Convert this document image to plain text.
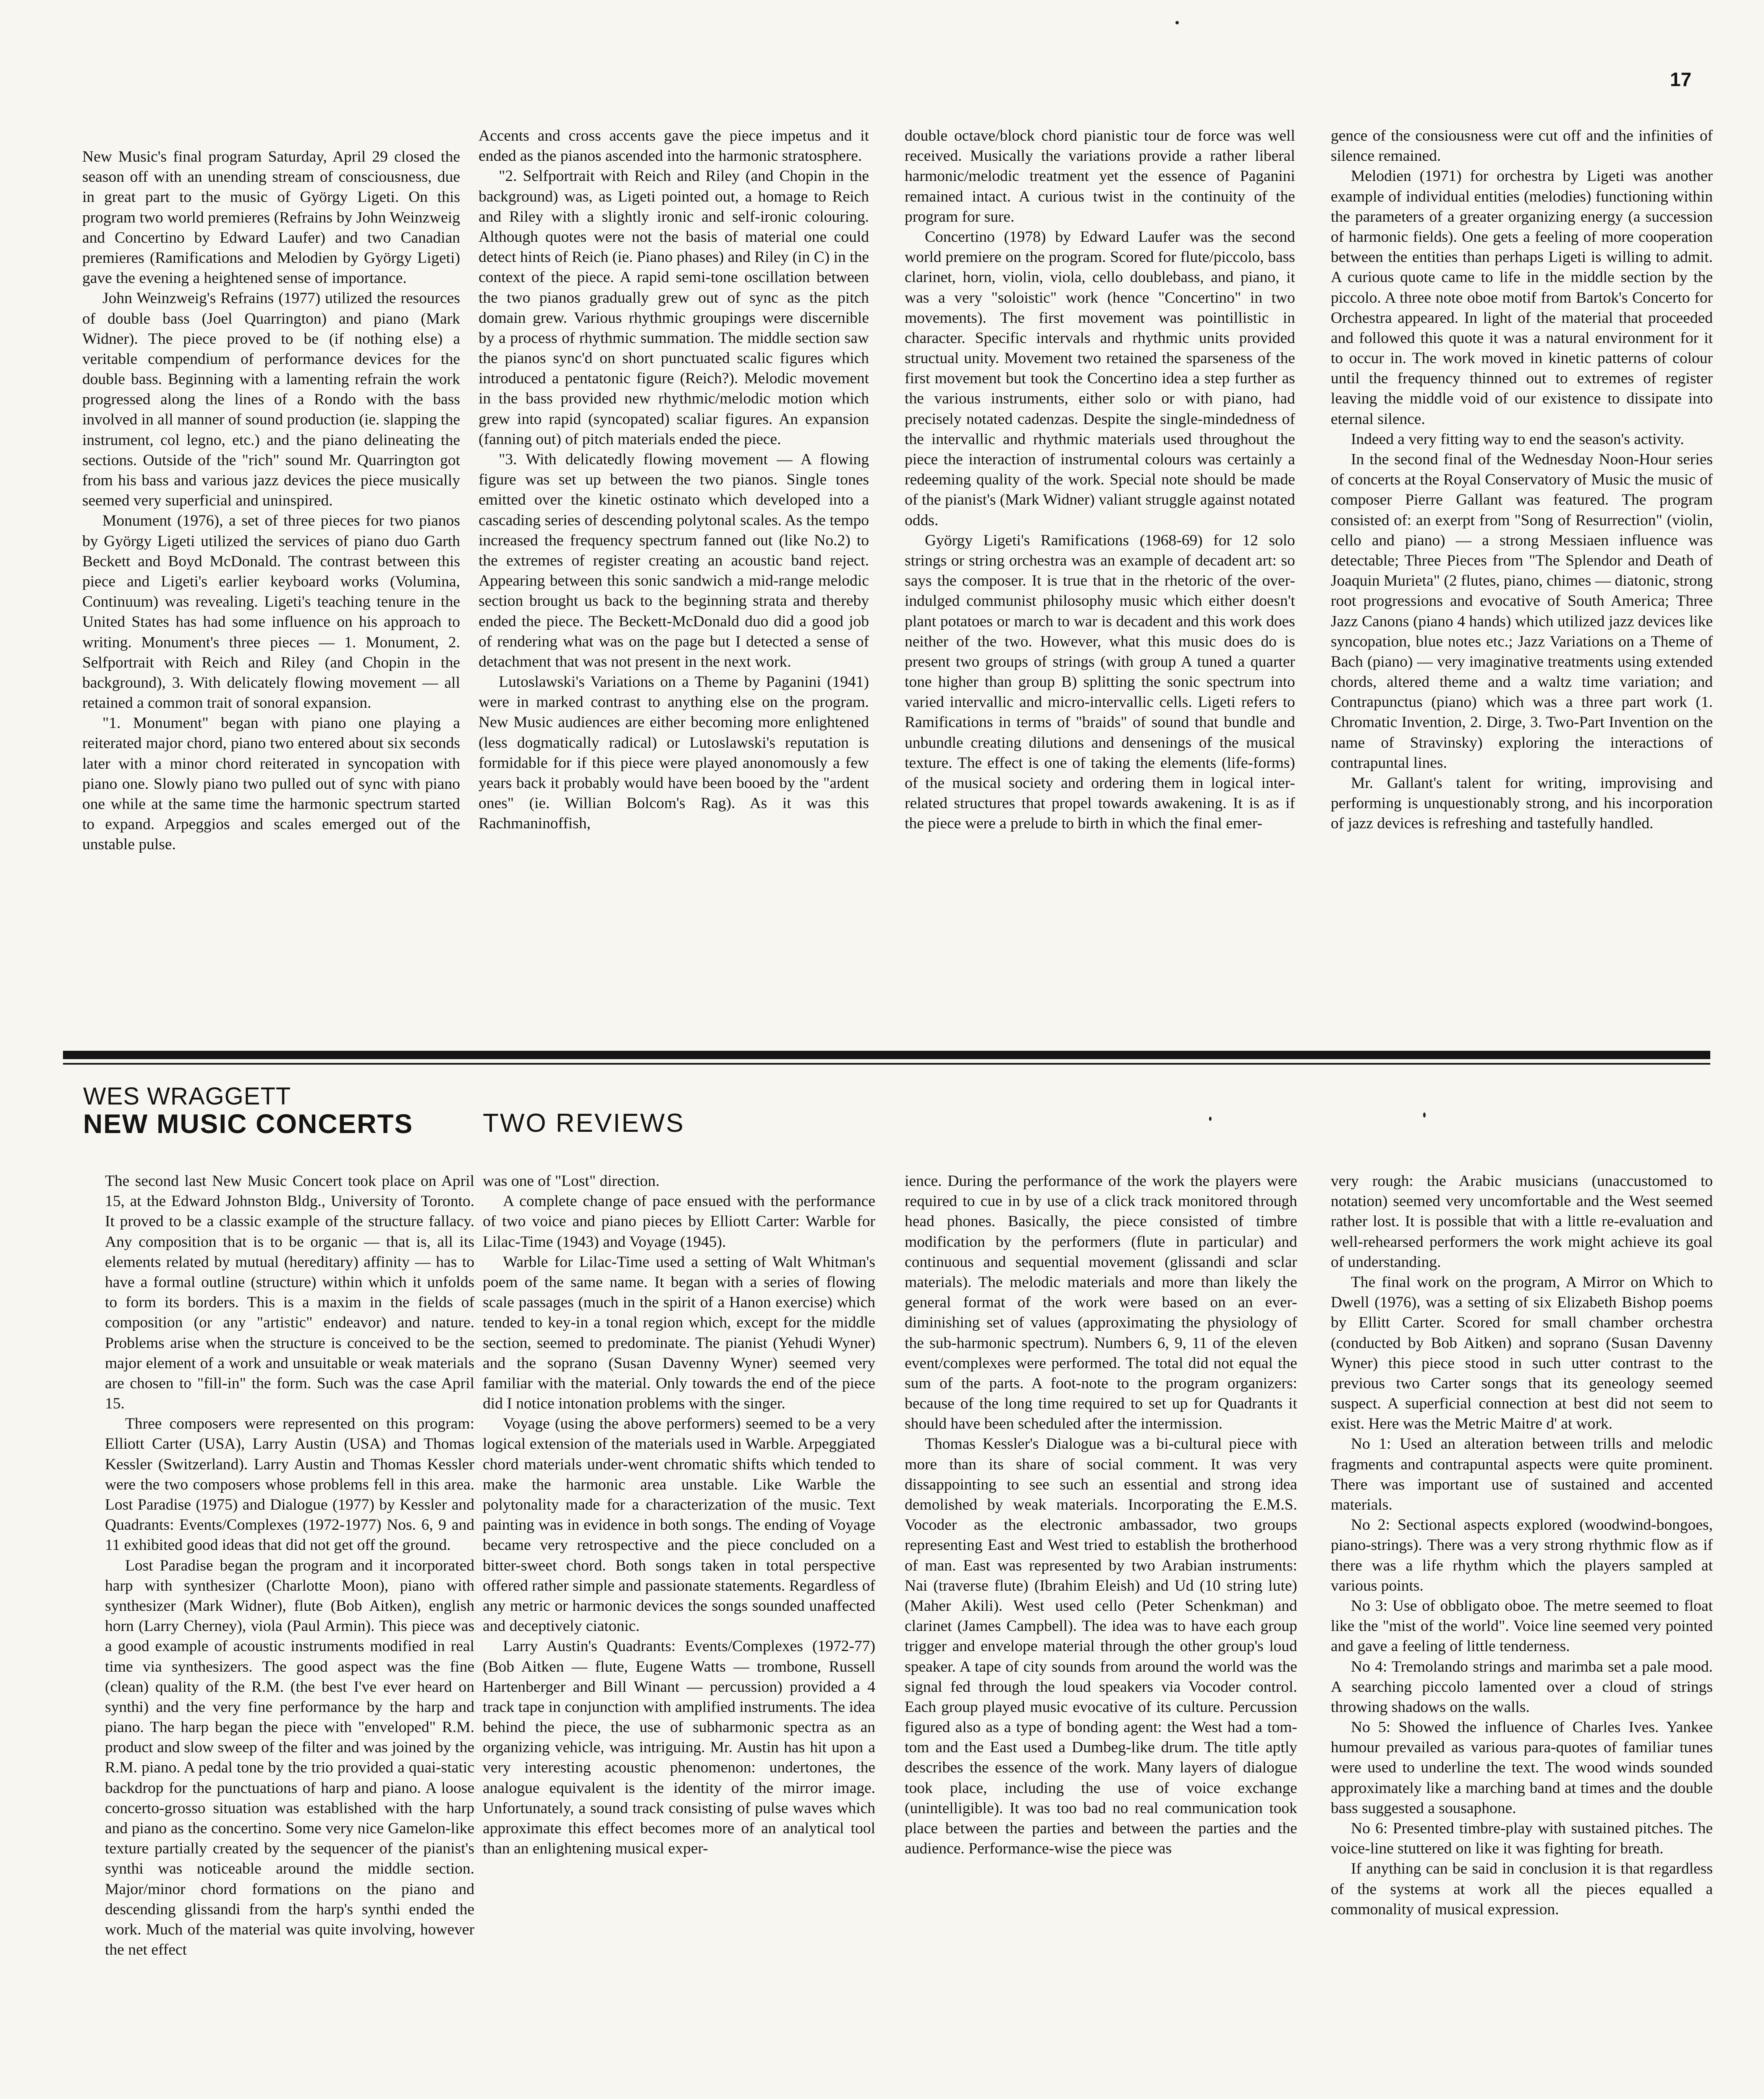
17

New Music's final program Saturday, April 29 closed the season off with an unending stream of consciousness, due in great part to the music of György Ligeti. On this program two world premieres (Refrains by John Weinzweig and Concertino by Edward Laufer) and two Canadian premieres (Ramifications and Melodien by György Ligeti) gave the evening a heightened sense of importance.

John Weinzweig's Refrains (1977) utilized the resources of double bass (Joel Quarrington) and piano (Mark Widner). The piece proved to be (if nothing else) a veritable compendium of performance devices for the double bass. Beginning with a lamenting refrain the work progressed along the lines of a Rondo with the bass involved in all manner of sound production (ie. slapping the instrument, col legno, etc.) and the piano delineating the sections. Outside of the "rich" sound Mr. Quarrington got from his bass and various jazz devices the piece musically seemed very superficial and uninspired.

Monument (1976), a set of three pieces for two pianos by György Ligeti utilized the services of piano duo Garth Beckett and Boyd McDonald. The contrast between this piece and Ligeti's earlier keyboard works (Volumina, Continuum) was revealing. Ligeti's teaching tenure in the United States has had some influence on his approach to writing. Monument's three pieces — 1. Monument, 2. Selfportrait with Reich and Riley (and Chopin in the background), 3. With delicately flowing movement — all retained a common trait of sonoral expansion.

"1. Monument" began with piano one playing a reiterated major chord, piano two entered about six seconds later with a minor chord reiterated in syncopation with piano one. Slowly piano two pulled out of sync with piano one while at the same time the harmonic spectrum started to expand. Arpeggios and scales emerged out of the unstable pulse.

Accents and cross accents gave the piece impetus and it ended as the pianos ascended into the harmonic stratosphere.

"2. Selfportrait with Reich and Riley (and Chopin in the background) was, as Ligeti pointed out, a homage to Reich and Riley with a slightly ironic and self-ironic colouring. Although quotes were not the basis of material one could detect hints of Reich (ie. Piano phases) and Riley (in C) in the context of the piece. A rapid semi-tone oscillation between the two pianos gradually grew out of sync as the pitch domain grew. Various rhythmic groupings were discernible by a process of rhythmic summation. The middle section saw the pianos sync'd on short punctuated scalic figures which introduced a pentatonic figure (Reich?). Melodic movement in the bass provided new rhythmic/melodic motion which grew into rapid (syncopated) scaliar figures. An expansion (fanning out) of pitch materials ended the piece.

"3. With delicatedly flowing movement — A flowing figure was set up between the two pianos. Single tones emitted over the kinetic ostinato which developed into a cascading series of descending polytonal scales. As the tempo increased the frequency spectrum fanned out (like No.2) to the extremes of register creating an acoustic band reject. Appearing between this sonic sandwich a mid-range melodic section brought us back to the beginning strata and thereby ended the piece. The Beckett-McDonald duo did a good job of rendering what was on the page but I detected a sense of detachment that was not present in the next work.

Lutoslawski's Variations on a Theme by Paganini (1941) were in marked contrast to anything else on the program. New Music audiences are either becoming more enlightened (less dogmatically radical) or Lutoslawski's reputation is formidable for if this piece were played anonomously a few years back it probably would have been booed by the "ardent ones" (ie. Willian Bolcom's Rag). As it was this Rachmaninoffish,

double octave/block chord pianistic tour de force was well received. Musically the variations provide a rather liberal harmonic/melodic treatment yet the essence of Paganini remained intact. A curious twist in the continuity of the program for sure.

Concertino (1978) by Edward Laufer was the second world premiere on the program. Scored for flute/piccolo, bass clarinet, horn, violin, viola, cello doublebass, and piano, it was a very "soloistic" work (hence "Concertino" in two movements). The first movement was pointillistic in character. Specific intervals and rhythmic units provided structual unity. Movement two retained the sparseness of the first movement but took the Concertino idea a step further as the various instruments, either solo or with piano, had precisely notated cadenzas. Despite the single-mindedness of the intervallic and rhythmic materials used throughout the piece the interaction of instrumental colours was certainly a redeeming quality of the work. Special note should be made of the pianist's (Mark Widner) valiant struggle against notated odds.

György Ligeti's Ramifications (1968-69) for 12 solo strings or string orchestra was an example of decadent art: so says the composer. It is true that in the rhetoric of the over-indulged communist philosophy music which either doesn't plant potatoes or march to war is decadent and this work does neither of the two. However, what this music does do is present two groups of strings (with group A tuned a quarter tone higher than group B) splitting the sonic spectrum into varied intervallic and micro-intervallic cells. Ligeti refers to Ramifications in terms of "braids" of sound that bundle and unbundle creating dilutions and densenings of the musical texture. The effect is one of taking the elements (life-forms) of the musical society and ordering them in logical inter-related structures that propel towards awakening. It is as if the piece were a prelude to birth in which the final emer-

gence of the consiousness were cut off and the infinities of silence remained.

Melodien (1971) for orchestra by Ligeti was another example of individual entities (melodies) functioning within the parameters of a greater organizing energy (a succession of harmonic fields). One gets a feeling of more cooperation between the entities than perhaps Ligeti is willing to admit. A curious quote came to life in the middle section by the piccolo. A three note oboe motif from Bartok's Concerto for Orchestra appeared. In light of the material that proceeded and followed this quote it was a natural environment for it to occur in. The work moved in kinetic patterns of colour until the frequency thinned out to extremes of register leaving the middle void of our existence to dissipate into eternal silence.

Indeed a very fitting way to end the season's activity.

In the second final of the Wednesday Noon-Hour series of concerts at the Royal Conservatory of Music the music of composer Pierre Gallant was featured. The program consisted of: an exerpt from "Song of Resurrection" (violin, cello and piano) — a strong Messiaen influence was detectable; Three Pieces from "The Splendor and Death of Joaquin Murieta" (2 flutes, piano, chimes — diatonic, strong root progressions and evocative of South America; Three Jazz Canons (piano 4 hands) which utilized jazz devices like syncopation, blue notes etc.; Jazz Variations on a Theme of Bach (piano) — very imaginative treatments using extended chords, altered theme and a waltz time variation; and Contrapunctus (piano) which was a three part work (1. Chromatic Invention, 2. Dirge, 3. Two-Part Invention on the name of Stravinsky) exploring the interactions of contrapuntal lines.

Mr. Gallant's talent for writing, improvising and performing is unquestionably strong, and his incorporation of jazz devices is refreshing and tastefully handled.

WES WRAGGETT
NEW MUSIC CONCERTS	TWO REVIEWS

The second last New Music Concert took place on April 15, at the Edward Johnston Bldg., University of Toronto. It proved to be a classic example of the structure fallacy. Any composition that is to be organic — that is, all its elements related by mutual (hereditary) affinity — has to have a formal outline (structure) within which it unfolds to form its borders. This is a maxim in the fields of composition (or any "artistic" endeavor) and nature. Problems arise when the structure is conceived to be the major element of a work and unsuitable or weak materials are chosen to "fill-in" the form. Such was the case April 15.

Three composers were represented on this program: Elliott Carter (USA), Larry Austin (USA) and Thomas Kessler (Switzerland). Larry Austin and Thomas Kessler were the two composers whose problems fell in this area. Lost Paradise (1975) and Dialogue (1977) by Kessler and Quadrants: Events/Complexes (1972-1977) Nos. 6, 9 and 11 exhibited good ideas that did not get off the ground.

Lost Paradise began the program and it incorporated harp with synthesizer (Charlotte Moon), piano with synthesizer (Mark Widner), flute (Bob Aitken), english horn (Larry Cherney), viola (Paul Armin). This piece was a good example of acoustic instruments modified in real time via synthesizers. The good aspect was the fine (clean) quality of the R.M. (the best I've ever heard on synthi) and the very fine performance by the harp and piano. The harp began the piece with "enveloped" R.M. product and slow sweep of the filter and was joined by the R.M. piano. A pedal tone by the trio provided a quai-static backdrop for the punctuations of harp and piano. A loose concerto-grosso situation was established with the harp and piano as the concertino. Some very nice Gamelon-like texture partially created by the sequencer of the pianist's synthi was noticeable around the middle section. Major/minor chord formations on the piano and descending glissandi from the harp's synthi ended the work. Much of the material was quite involving, however the net effect

was one of "Lost" direction.

A complete change of pace ensued with the performance of two voice and piano pieces by Elliott Carter: Warble for Lilac-Time (1943) and Voyage (1945).

Warble for Lilac-Time used a setting of Walt Whitman's poem of the same name. It began with a series of flowing scale passages (much in the spirit of a Hanon exercise) which tended to key-in a tonal region which, except for the middle section, seemed to predominate. The pianist (Yehudi Wyner) and the soprano (Susan Davenny Wyner) seemed very familiar with the material. Only towards the end of the piece did I notice intonation problems with the singer.

Voyage (using the above performers) seemed to be a very logical extension of the materials used in Warble. Arpeggiated chord materials under-went chromatic shifts which tended to make the harmonic area unstable. Like Warble the polytonality made for a characterization of the music. Text painting was in evidence in both songs. The ending of Voyage became very retrospective and the piece concluded on a bitter-sweet chord. Both songs taken in total perspective offered rather simple and passionate statements. Regardless of any metric or harmonic devices the songs sounded unaffected and deceptively ciatonic.

Larry Austin's Quadrants: Events/Complexes (1972-77) (Bob Aitken — flute, Eugene Watts — trombone, Russell Hartenberger and Bill Winant — percussion) provided a 4 track tape in conjunction with amplified instruments. The idea behind the piece, the use of subharmonic spectra as an organizing vehicle, was intriguing. Mr. Austin has hit upon a very interesting acoustic phenomenon: undertones, the analogue equivalent is the identity of the mirror image. Unfortunately, a sound track consisting of pulse waves which approximate this effect becomes more of an analytical tool than an enlightening musical exper-

ience. During the performance of the work the players were required to cue in by use of a click track monitored through head phones. Basically, the piece consisted of timbre modification by the performers (flute in particular) and continuous and sequential movement (glissandi and sclar materials). The melodic materials and more than likely the general format of the work were based on an ever-diminishing set of values (approximating the physiology of the sub-harmonic spectrum). Numbers 6, 9, 11 of the eleven event/complexes were performed. The total did not equal the sum of the parts. A foot-note to the program organizers: because of the long time required to set up for Quadrants it should have been scheduled after the intermission.

Thomas Kessler's Dialogue was a bi-cultural piece with more than its share of social comment. It was very dissappointing to see such an essential and strong idea demolished by weak materials. Incorporating the E.M.S. Vocoder as the electronic ambassador, two groups representing East and West tried to establish the brotherhood of man. East was represented by two Arabian instruments: Nai (traverse flute) (Ibrahim Eleish) and Ud (10 string lute) (Maher Akili). West used cello (Peter Schenkman) and clarinet (James Campbell). The idea was to have each group trigger and envelope material through the other group's loud speaker. A tape of city sounds from around the world was the signal fed through the loud speakers via Vocoder control. Each group played music evocative of its culture. Percussion figured also as a type of bonding agent: the West had a tom-tom and the East used a Dumbeg-like drum. The title aptly describes the essence of the work. Many layers of dialogue took place, including the use of voice exchange (unintelligible). It was too bad no real communication took place between the parties and between the parties and the audience. Performance-wise the piece was

very rough: the Arabic musicians (unaccustomed to notation) seemed very uncomfortable and the West seemed rather lost. It is possible that with a little re-evaluation and well-rehearsed performers the work might achieve its goal of understanding.

The final work on the program, A Mirror on Which to Dwell (1976), was a setting of six Elizabeth Bishop poems by Ellitt Carter. Scored for small chamber orchestra (conducted by Bob Aitken) and soprano (Susan Davenny Wyner) this piece stood in such utter contrast to the previous two Carter songs that its geneology seemed suspect. A superficial connection at best did not seem to exist. Here was the Metric Maitre d' at work.

No 1: Used an alteration between trills and melodic fragments and contrapuntal aspects were quite prominent. There was important use of sustained and accented materials.

No 2: Sectional aspects explored (woodwind-bongoes, piano-strings). There was a very strong rhythmic flow as if there was a life rhythm which the players sampled at various points.

No 3: Use of obbligato oboe. The metre seemed to float like the "mist of the world". Voice line seemed very pointed and gave a feeling of little tenderness.

No 4: Tremolando strings and marimba set a pale mood. A searching piccolo lamented over a cloud of strings throwing shadows on the walls.

No 5: Showed the influence of Charles Ives. Yankee humour prevailed as various para-quotes of familiar tunes were used to underline the text. The wood winds sounded approximately like a marching band at times and the double bass suggested a sousaphone.

No 6: Presented timbre-play with sustained pitches. The voice-line stuttered on like it was fighting for breath.

If anything can be said in conclusion it is that regardless of the systems at work all the pieces equalled a commonality of musical expression.
